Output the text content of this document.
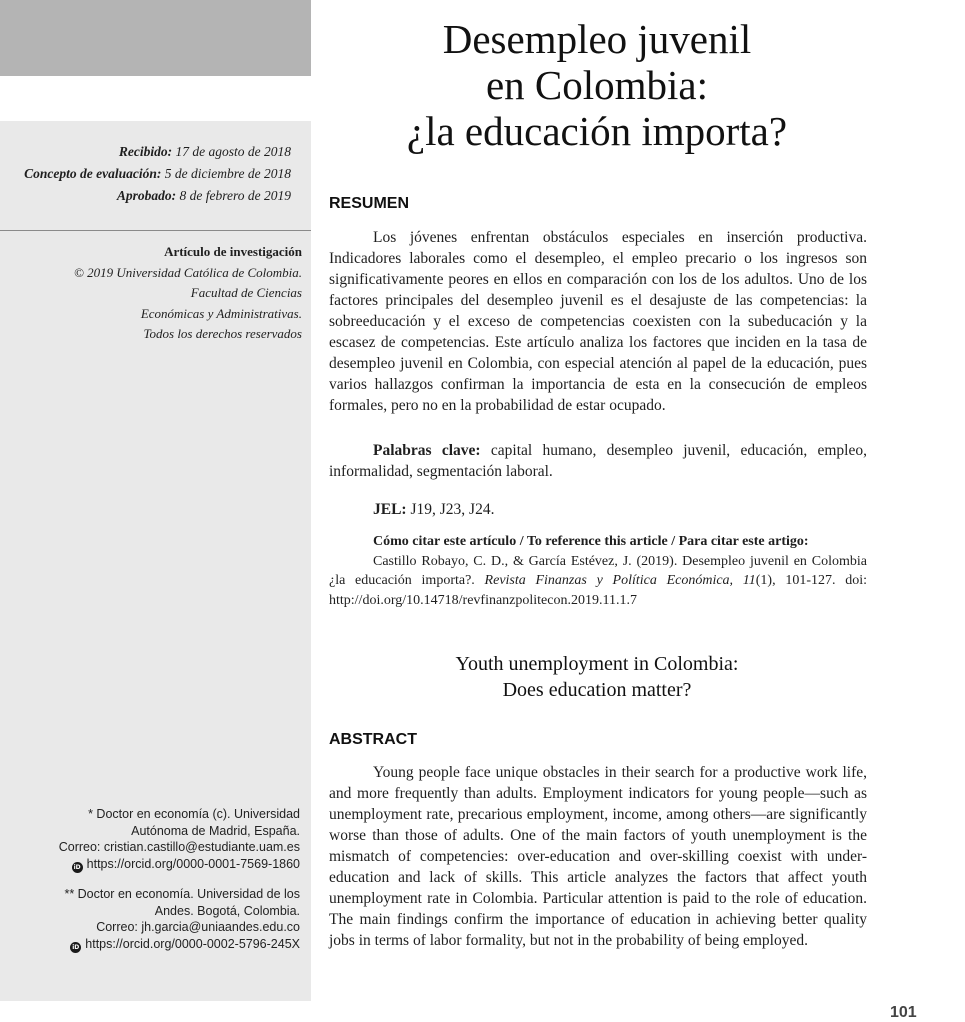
Cristian Darío Castillo Robayo*
Javier García Estévez**
Recibido: 17 de agosto de 2018
Concepto de evaluación: 5 de diciembre de 2018
Aprobado: 8 de febrero de 2019
Artículo de investigación
© 2019 Universidad Católica de Colombia.
Facultad de Ciencias
Económicas y Administrativas.
Todos los derechos reservados
* Doctor en economía (c). Universidad
Autónoma de Madrid, España.
Correo: cristian.castillo@estudiante.uam.es
iD https://orcid.org/0000-0001-7569-1860
** Doctor en economía. Universidad de los
Andes. Bogotá, Colombia.
Correo: jh.garcia@uniaandes.edu.co
iD https://orcid.org/0000-0002-5796-245X
Desempleo juvenil
en Colombia:
¿la educación importa?
RESUMEN
Los jóvenes enfrentan obstáculos especiales en inserción productiva. Indicadores laborales como el desempleo, el empleo precario o los ingresos son significativamente peores en ellos en comparación con los de los adultos. Uno de los factores principales del desempleo juvenil es el desajuste de las competencias: la sobreeducación y el exceso de competencias coexisten con la subeducación y la escasez de competencias. Este artículo analiza los factores que inciden en la tasa de desempleo juvenil en Colombia, con especial atención al papel de la educación, pues varios hallazgos confirman la importancia de esta en la consecución de empleos formales, pero no en la probabilidad de estar ocupado.
Palabras clave: capital humano, desempleo juvenil, educación, empleo, informalidad, segmentación laboral.
JEL: J19, J23, J24.
Cómo citar este artículo / To reference this article / Para citar este artigo:
Castillo Robayo, C. D., & García Estévez, J. (2019). Desempleo juvenil en Colombia ¿la educación importa?. Revista Finanzas y Política Económica, 11(1), 101-127. doi: http://doi.org/10.14718/revfinanzpolitecon.2019.11.1.7
Youth unemployment in Colombia:
Does education matter?
ABSTRACT
Young people face unique obstacles in their search for a productive work life, and more frequently than adults. Employment indicators for young people—such as unemployment rate, precarious employment, income, among others—are significantly worse than those of adults. One of the main factors of youth unemployment is the mismatch of competencies: over-education and over-skilling coexist with under-education and lack of skills. This article analyzes the factors that affect youth unemployment rate in Colombia. Particular attention is paid to the role of education. The main findings confirm the importance of education in achieving better quality jobs in terms of labor formality, but not in the probability of being employed.
101
